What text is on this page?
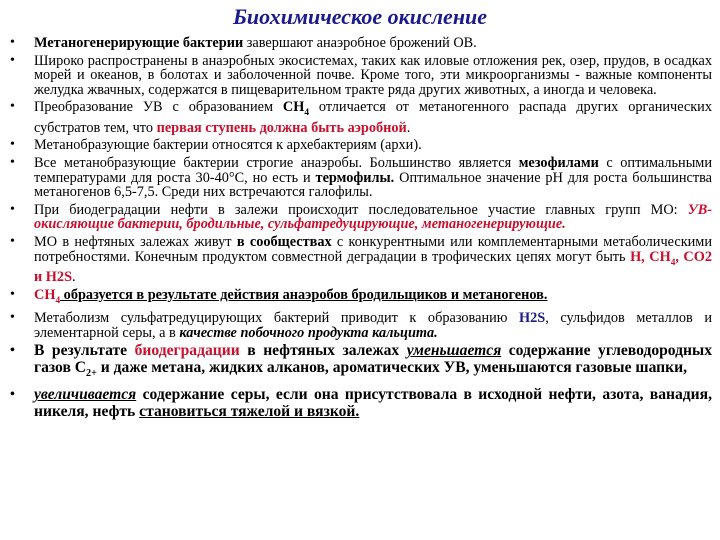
Биохимическое окисление
• Метаногенерирующие бактерии завершают анаэробное брожений ОВ.
• Широко распространены в анаэробных экосистемах, таких как иловые отложения рек, озер, прудов, в осадках морей и океанов, в болотах и заболоченной почве. Кроме того, эти микроорганизмы - важные компоненты желудка жвачных, содержатся в пищеварительном тракте ряда других животных, а иногда и человека.
• Преобразование УВ с образованием $CH_4$ отличается от метаногенного распада других органических субстратов тем, что первая ступень должна быть аэробной.
• Метанобразующие бактерии относятся к архебактериям (архи).
• Все метанобразующие бактерии строгие анаэробы. Большинство является мезофилами с оптимальными температурами для роста 30-40°С, но есть и термофилы. Оптимальное значение pH для роста большинства метаногенов 6,5-7,5. Среди них встречаются галофилы.
• При биодеградации нефти в залежи происходит последовательное участие главных групп МО: УВ-окисляющие бактерии, бродильные, сульфатредуцирующие, метаногенерирующие.
• МО в нефтяных залежах живут в сообществах с конкурентными или комплементарными метаболическими потребностями. Конечным продуктом совместной деградации в трофических цепях могут быть H, $CH_4$, CO2 и H2S.
• $CH_4$ образуется в результате действия анаэробов бродильщиков и метаногенов.
• Метаболизм сульфатредуцирующих бактерий приводит к образованию H2S, сульфидов металлов и элементарной серы, а в качестве побочного продукта кальцита.
• В результате биодеградации в нефтяных залежах уменьшается содержание углеводородных газов $C_{2+}$ и даже метана, жидких алканов, ароматических УВ, уменьшаются газовые шапки,
• увеличивается содержание серы, если она присутствовала в исходной нефти, азота, ванадия, никеля, нефть становиться тяжелой и вязкой.
